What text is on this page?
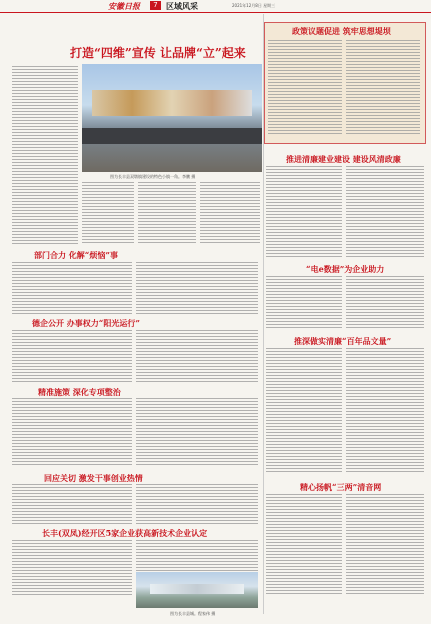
安徽日报	7	区域风采	2021年12月8日 星期三
打造“四维”宣传 让品牌“立”起来
图为长丰县双墩镇建设的特色小镇一角。李鹏 摄
政策议题促进 筑牢思想堤坝
部门合力 化解“烦恼”事
德企公开 办事权力“阳光运行”
精准施策 深化专项整治
回应关切 激发干事创业热情
长丰(双凤)经开区5家企业获高新技术企业认定
推进清廉建业建设 建设风清政廉
“电e数据”为企业助力
推深做实清廉“百年品文量”
精心扬帆“三两”清音网
图为长丰县城。程家伟 摄
